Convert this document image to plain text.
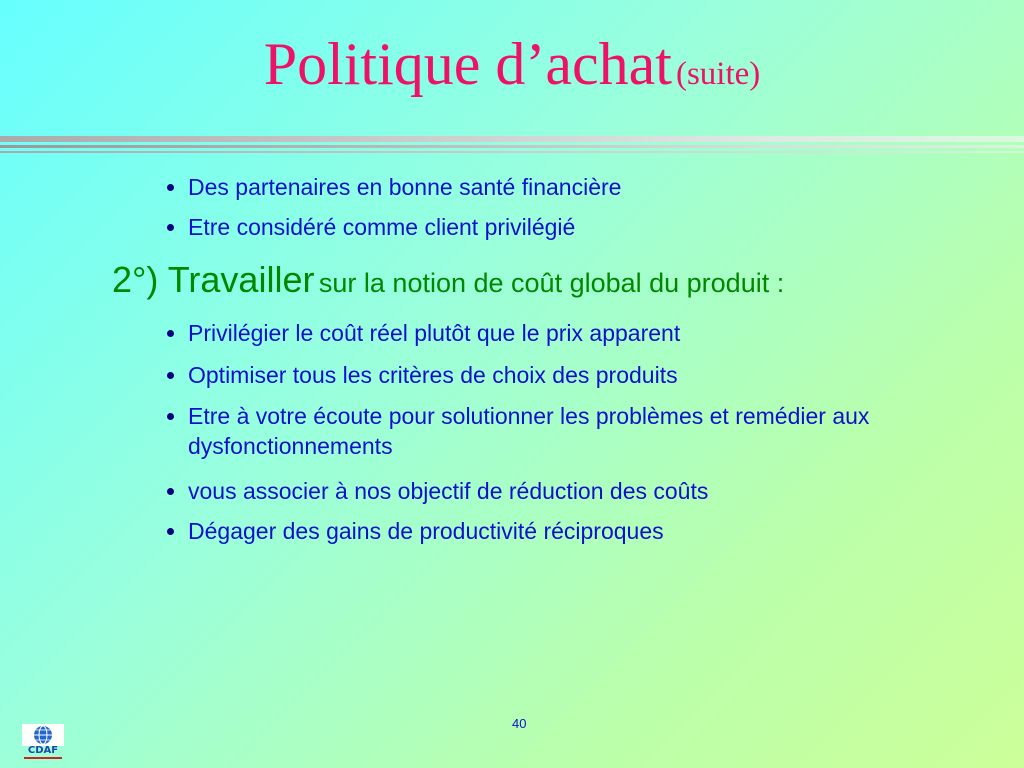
Politique d’achat (suite)
Des partenaires en bonne santé financière
Etre considéré comme client privilégié
2°) Travailler sur la notion de coût global du produit :
Privilégier le coût réel plutôt que le prix apparent
Optimiser tous les critères de choix des produits
Etre à votre écoute pour solutionner les problèmes et remédier aux dysfonctionnements
vous associer à nos objectif de réduction des coûts
Dégager des gains de productivité réciproques
40
CDAF
